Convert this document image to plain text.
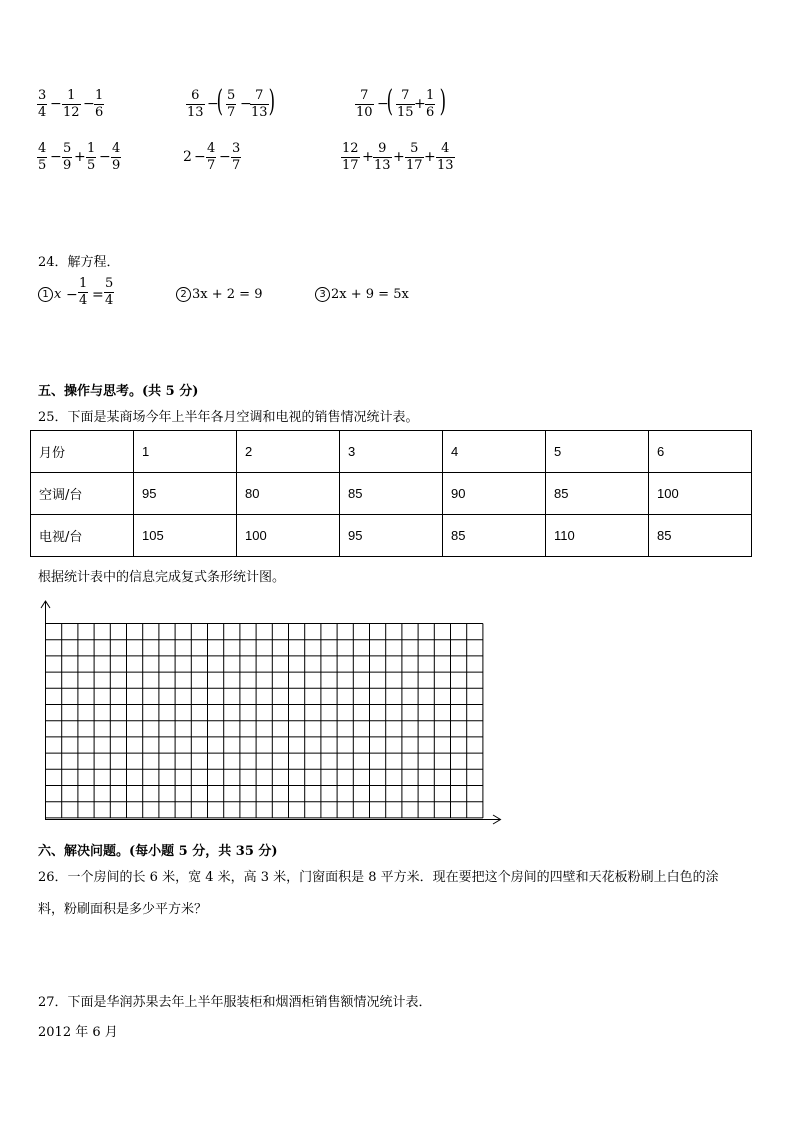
$\frac{3}{4} - \frac{1}{12} - \frac{1}{6}$	$\frac{6}{13}$ −
( $\frac{5}{7}$ −
$\frac{7}{13}$ )	$\frac{7}{10}$ −
( $\frac{7}{15} + \frac{1}{6}$ )
$\frac{4}{5} - \frac{5}{9} + \frac{1}{5} - \frac{4}{9}$	$2 - \frac{4}{7} - \frac{3}{7}$	$\frac{12}{17} + \frac{9}{13} + \frac{5}{17} + \frac{4}{13}$
24．解方程．
1 $x - \frac{1}{4} = \frac{5}{4}$	2 3x + 2 = 9	3 2x + 9 = 5x
五、操作与思考。(共 5 分)
25．下面是某商场今年上半年各月空调和电视的销售情况统计表。
月份	1	2	3	4	5	6
空调/台	95	80	85	90	85	100
电视/台	105	100	95	85	110	85
根据统计表中的信息完成复式条形统计图。
六、解决问题。(每小题 5 分，共 35 分)
26．一个房间的长 6 米，宽 4 米，高 3 米，门窗面积是 8 平方米．现在要把这个房间的四壁和天花板粉刷上白色的涂
料，粉刷面积是多少平方米？
27．下面是华润苏果去年上半年服装柜和烟酒柜销售额情况统计表．
2012 年 6 月
